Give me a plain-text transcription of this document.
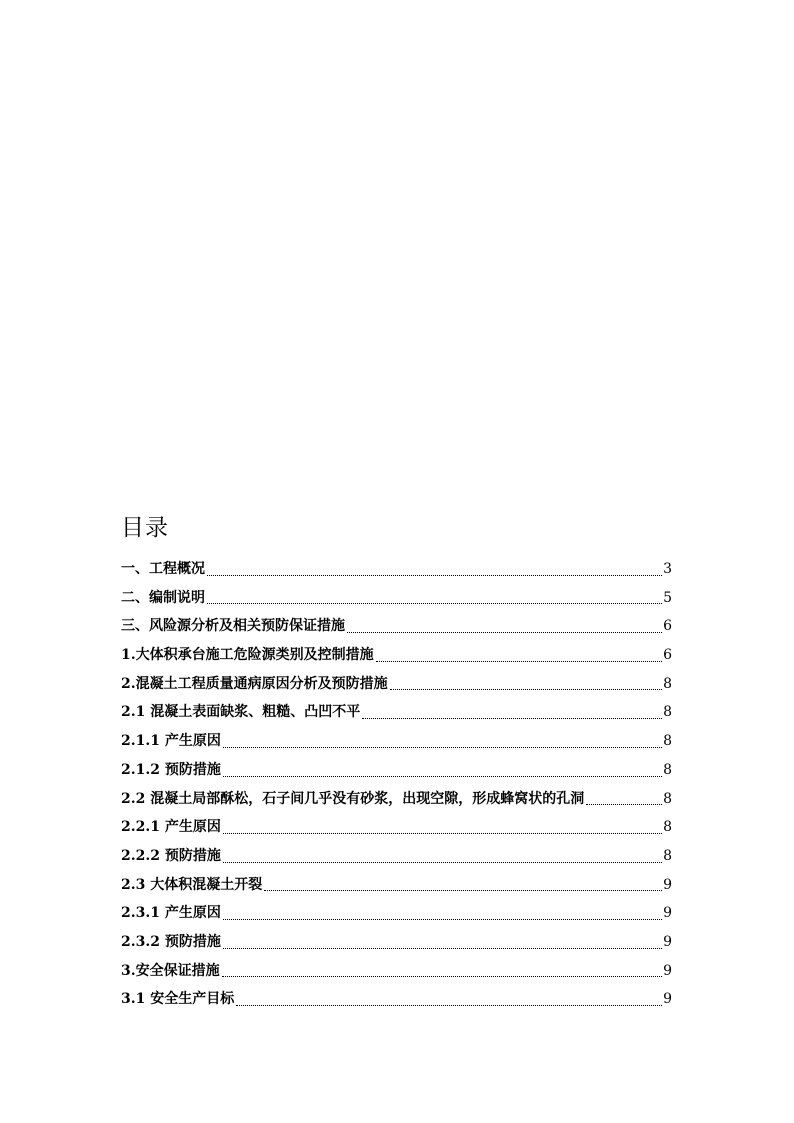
目录
一、工程概况	3
二、编制说明	5
三、风险源分析及相关预防保证措施	6
1.大体积承台施工危险源类别及控制措施	6
2.混凝土工程质量通病原因分析及预防措施	8
2.1 混凝土表面缺浆、粗糙、凸凹不平	8
2.1.1 产生原因	8
2.1.2 预防措施	8
2.2 混凝土局部酥松，石子间几乎没有砂浆，出现空隙，形成蜂窝状的孔洞	8
2.2.1 产生原因	8
2.2.2 预防措施	8
2.3 大体积混凝土开裂	9
2.3.1 产生原因	9
2.3.2 预防措施	9
3.安全保证措施	9
3.1 安全生产目标	9
